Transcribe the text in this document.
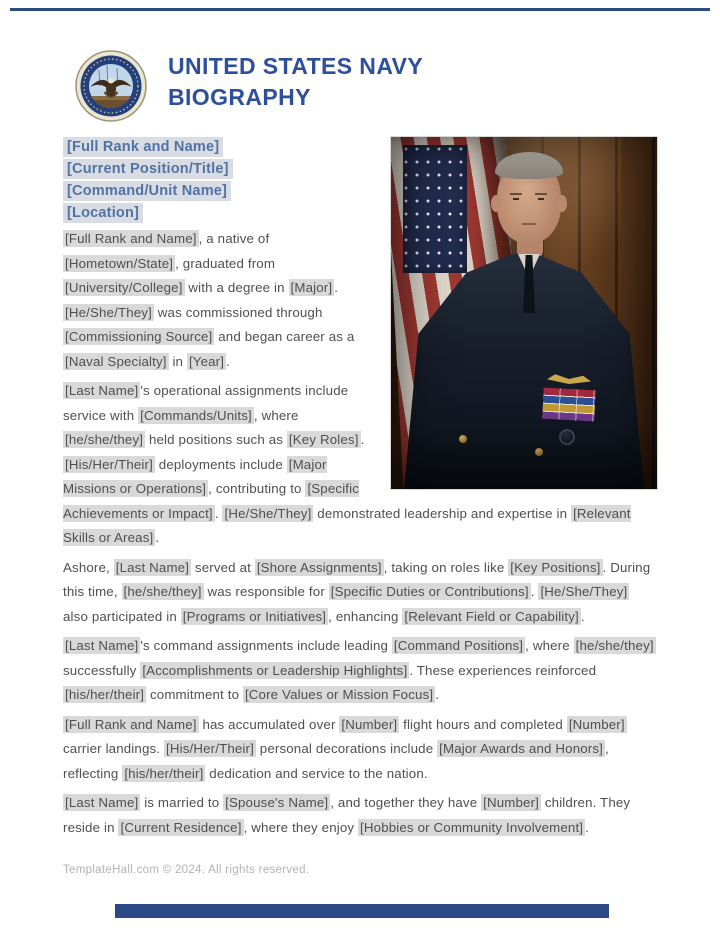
UNITED STATES NAVY
BIOGRAPHY
[Full Rank and Name]
[Current Position/Title]
[Command/Unit Name]
[Location]

[Full Rank and Name] , a native of [Hometown/State] , graduated from [University/College] with a degree in [Major] . [He/She/They] was commissioned through [Commissioning Source] and began career as a [Naval Specialty] in [Year] .

[Last Name] 's operational assignments include service with [Commands/Units] , where [he/she/they] held positions such as [Key Roles] . [His/Her/Their] deployments include [Major Missions or Operations] , contributing to [Specific Achievements or Impact] . [He/She/They] demonstrated leadership and expertise in [Relevant Skills or Areas] .

Ashore, [Last Name] served at [Shore Assignments] , taking on roles like [Key Positions] . During this time, [he/she/they] was responsible for [Specific Duties or Contributions] . [He/She/They] also participated in [Programs or Initiatives] , enhancing [Relevant Field or Capability] .

[Last Name] 's command assignments include leading [Command Positions] , where [he/she/they] successfully [Accomplishments or Leadership Highlights] . These experiences reinforced [his/her/their] commitment to [Core Values or Mission Focus] .

[Full Rank and Name] has accumulated over [Number] flight hours and completed [Number] carrier landings. [His/Her/Their] personal decorations include [Major Awards and Honors] , reflecting [his/her/their] dedication and service to the nation.

[Last Name] is married to [Spouse's Name] , and together they have [Number] children. They reside in [Current Residence] , where they enjoy [Hobbies or Community Involvement] .

TemplateHall.com © 2024. All rights reserved.
